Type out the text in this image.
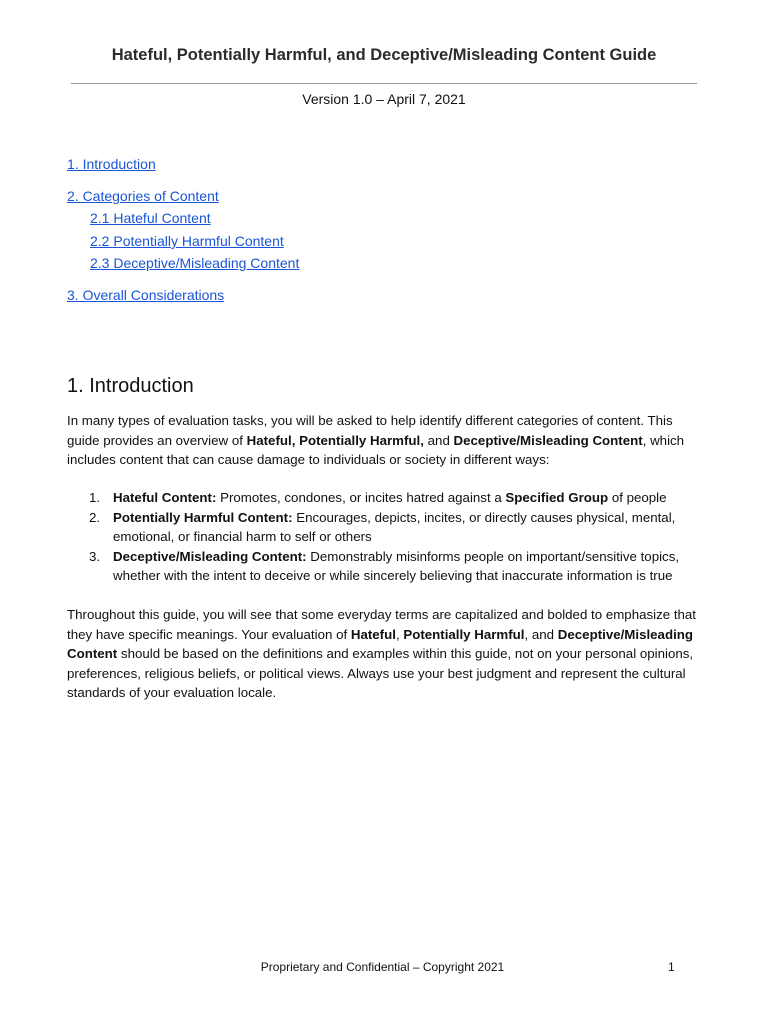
Hateful, Potentially Harmful, and Deceptive/Misleading Content Guide
Version 1.0 – April 7, 2021
1. Introduction
2. Categories of Content
2.1 Hateful Content
2.2 Potentially Harmful Content
2.3 Deceptive/Misleading Content
3. Overall Considerations
1. Introduction

In many types of evaluation tasks, you will be asked to help identify different categories of content. This guide provides an overview of Hateful, Potentially Harmful, and Deceptive/Misleading Content, which includes content that can cause damage to individuals or society in different ways:

1. Hateful Content: Promotes, condones, or incites hatred against a Specified Group of people
2. Potentially Harmful Content: Encourages, depicts, incites, or directly causes physical, mental, emotional, or financial harm to self or others
3. Deceptive/Misleading Content: Demonstrably misinforms people on important/sensitive topics, whether with the intent to deceive or while sincerely believing that inaccurate information is true

Throughout this guide, you will see that some everyday terms are capitalized and bolded to emphasize that they have specific meanings. Your evaluation of Hateful, Potentially Harmful, and Deceptive/Misleading Content should be based on the definitions and examples within this guide, not on your personal opinions, preferences, religious beliefs, or political views. Always use your best judgment and represent the cultural standards of your evaluation locale.

Proprietary and Confidential – Copyright 2021	1
